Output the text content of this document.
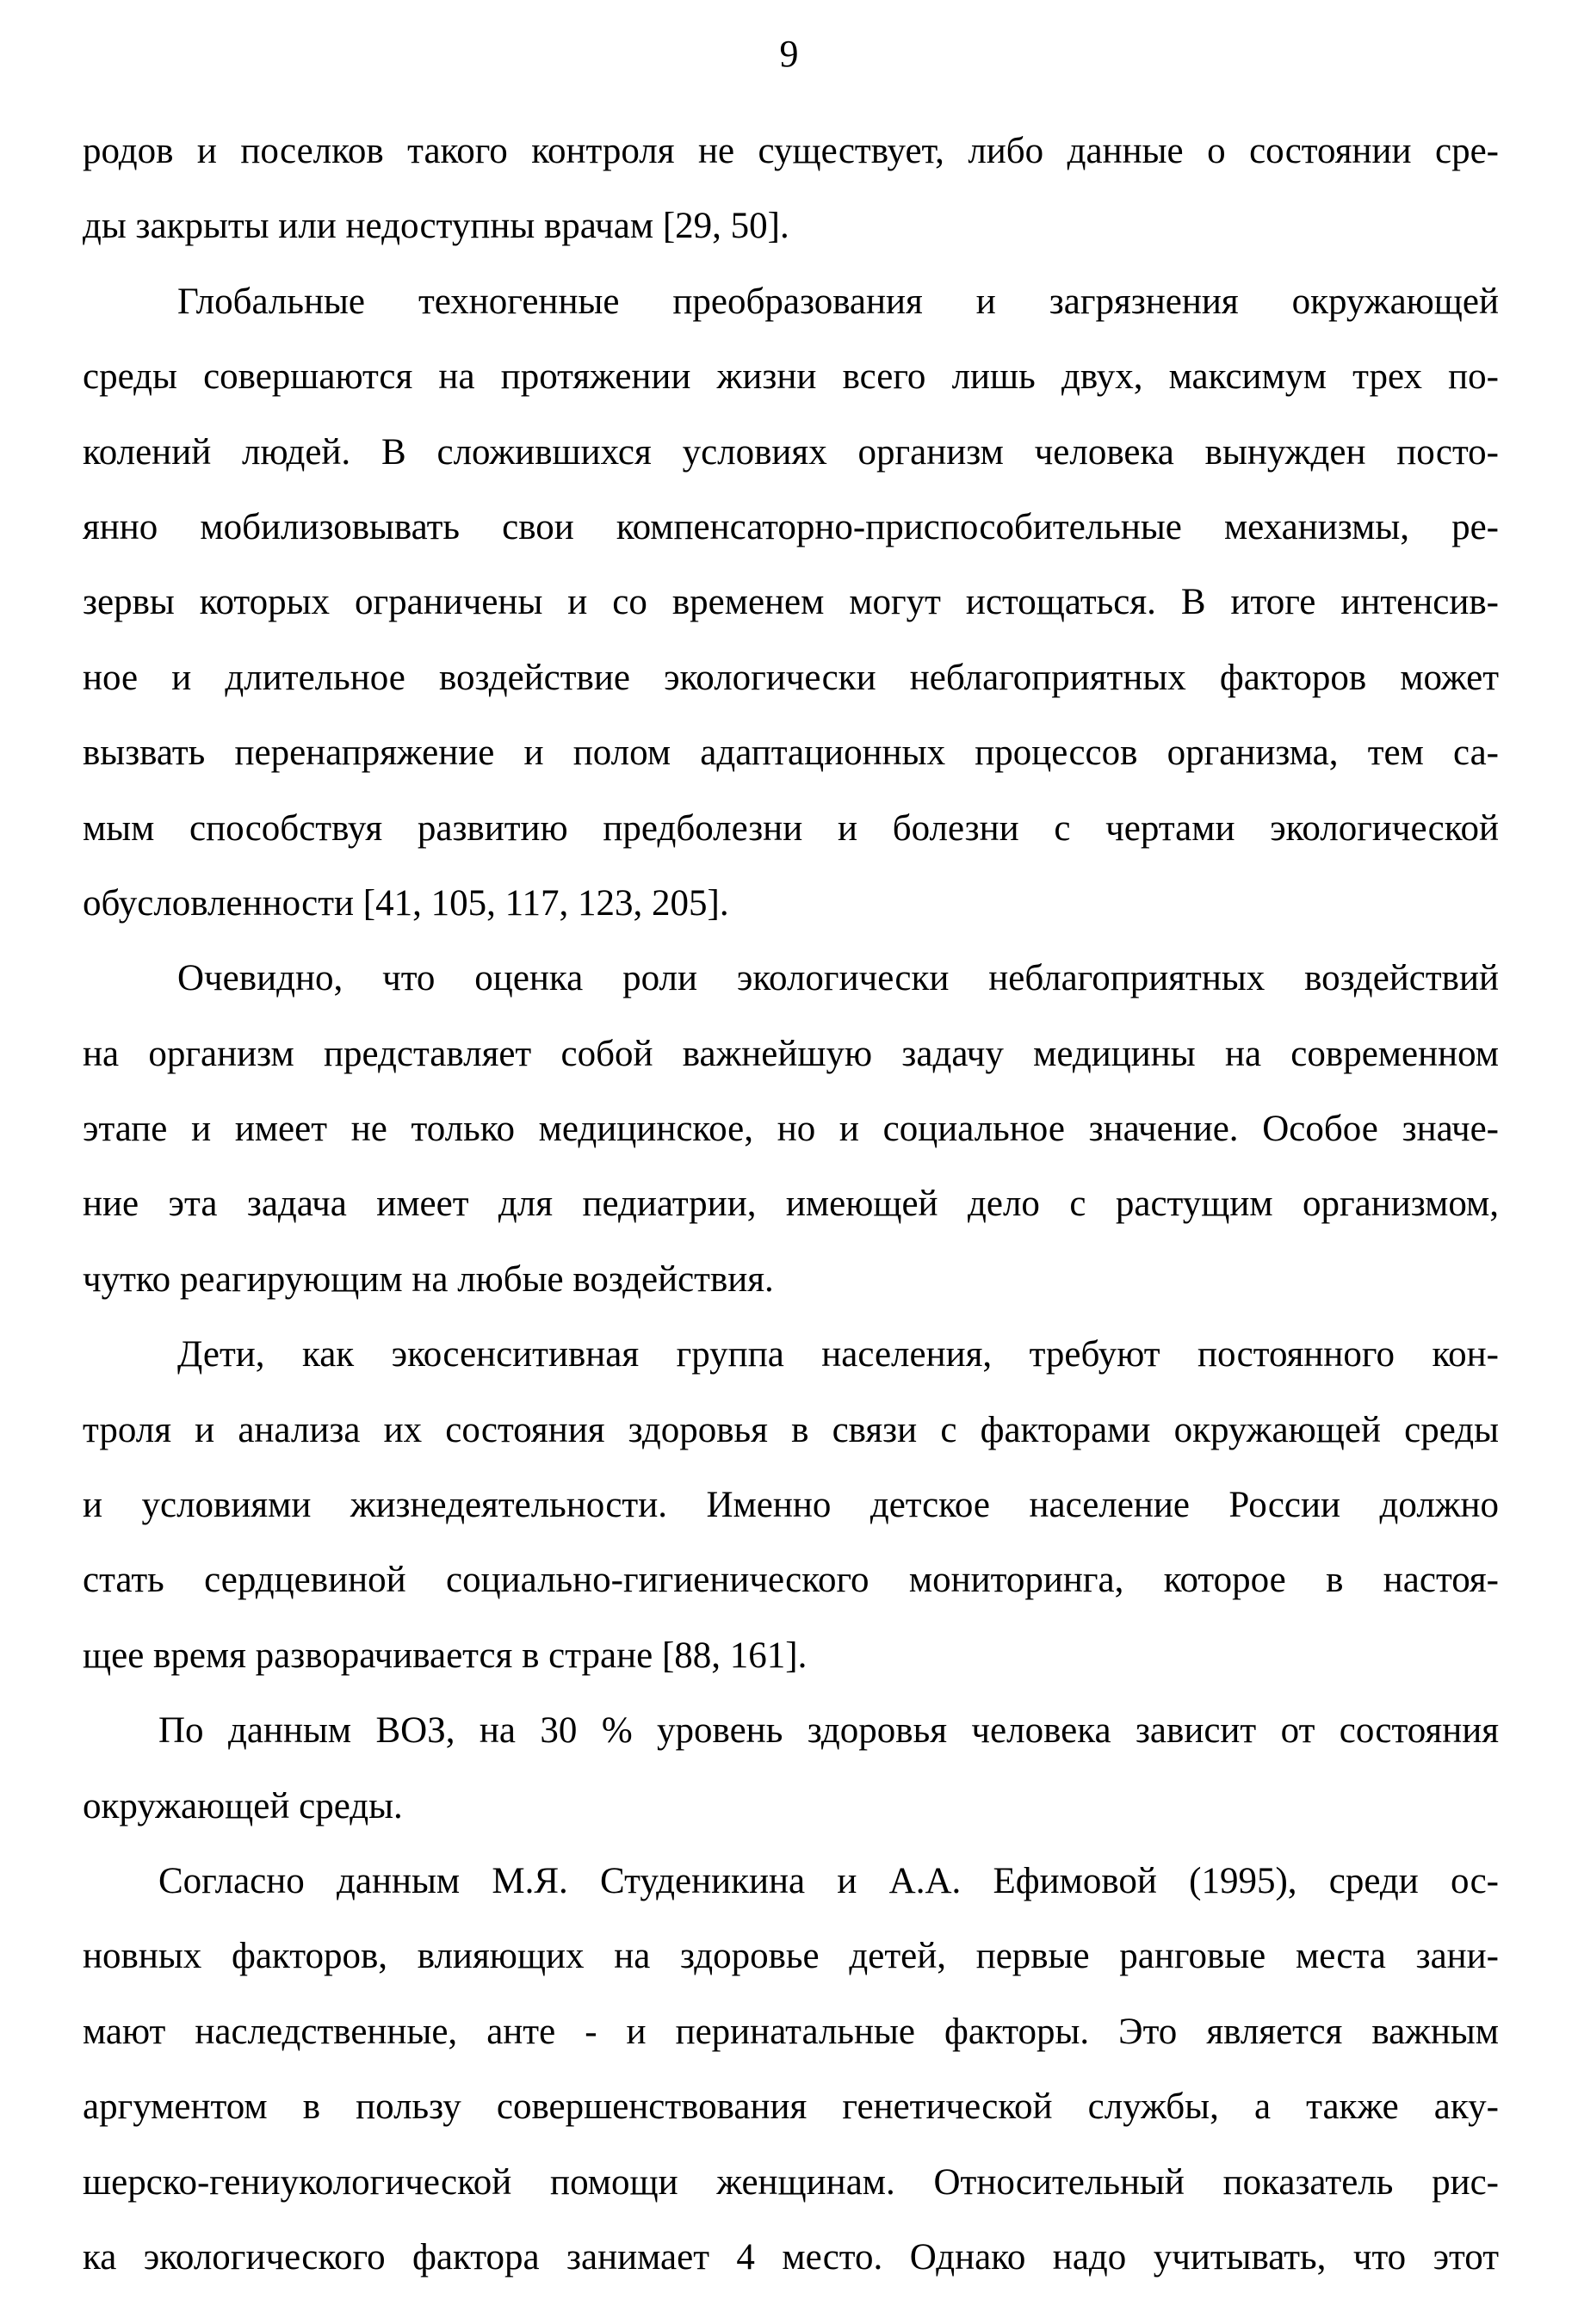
9
родов и поселков такого контроля не существует, либо данные о состоянии сре-
ды закрыты или недоступны врачам [29, 50].
Глобальные техногенные преобразования и загрязнения окружающей
среды совершаются на протяжении жизни всего лишь двух, максимум трех по-
колений людей. В сложившихся условиях организм человека вынужден посто-
янно мобилизовывать свои компенсаторно-приспособительные механизмы, ре-
зервы которых ограничены и со временем могут истощаться. В итоге интенсив-
ное и длительное воздействие экологически неблагоприятных факторов может
вызвать перенапряжение и полом адаптационных процессов организма, тем са-
мым способствуя развитию предболезни и болезни с чертами экологической
обусловленности [41, 105, 117, 123, 205].
Очевидно, что оценка роли экологически неблагоприятных воздействий
на организм представляет собой важнейшую задачу медицины на современном
этапе и имеет не только медицинское, но и социальное значение. Особое значе-
ние эта задача имеет для педиатрии, имеющей дело с растущим организмом,
чутко реагирующим на любые воздействия.
Дети, как экосенситивная группа населения, требуют постоянного кон-
троля и анализа их состояния здоровья в связи с факторами окружающей среды
и условиями жизнедеятельности. Именно детское население России должно
стать сердцевиной социально-гигиенического мониторинга, которое в настоя-
щее время разворачивается в стране [88, 161].
По данным ВОЗ, на 30 % уровень здоровья человека зависит от состояния
окружающей среды.
Согласно данным М.Я. Студеникина и А.А. Ефимовой (1995), среди ос-
новных факторов, влияющих на здоровье детей, первые ранговые места зани-
мают наследственные, анте - и перинатальные факторы. Это является важным
аргументом в пользу совершенствования генетической службы, а также аку-
шерско-гениукологической помощи женщинам. Относительный показатель рис-
ка экологического фактора занимает 4 место. Однако надо учитывать, что этот
